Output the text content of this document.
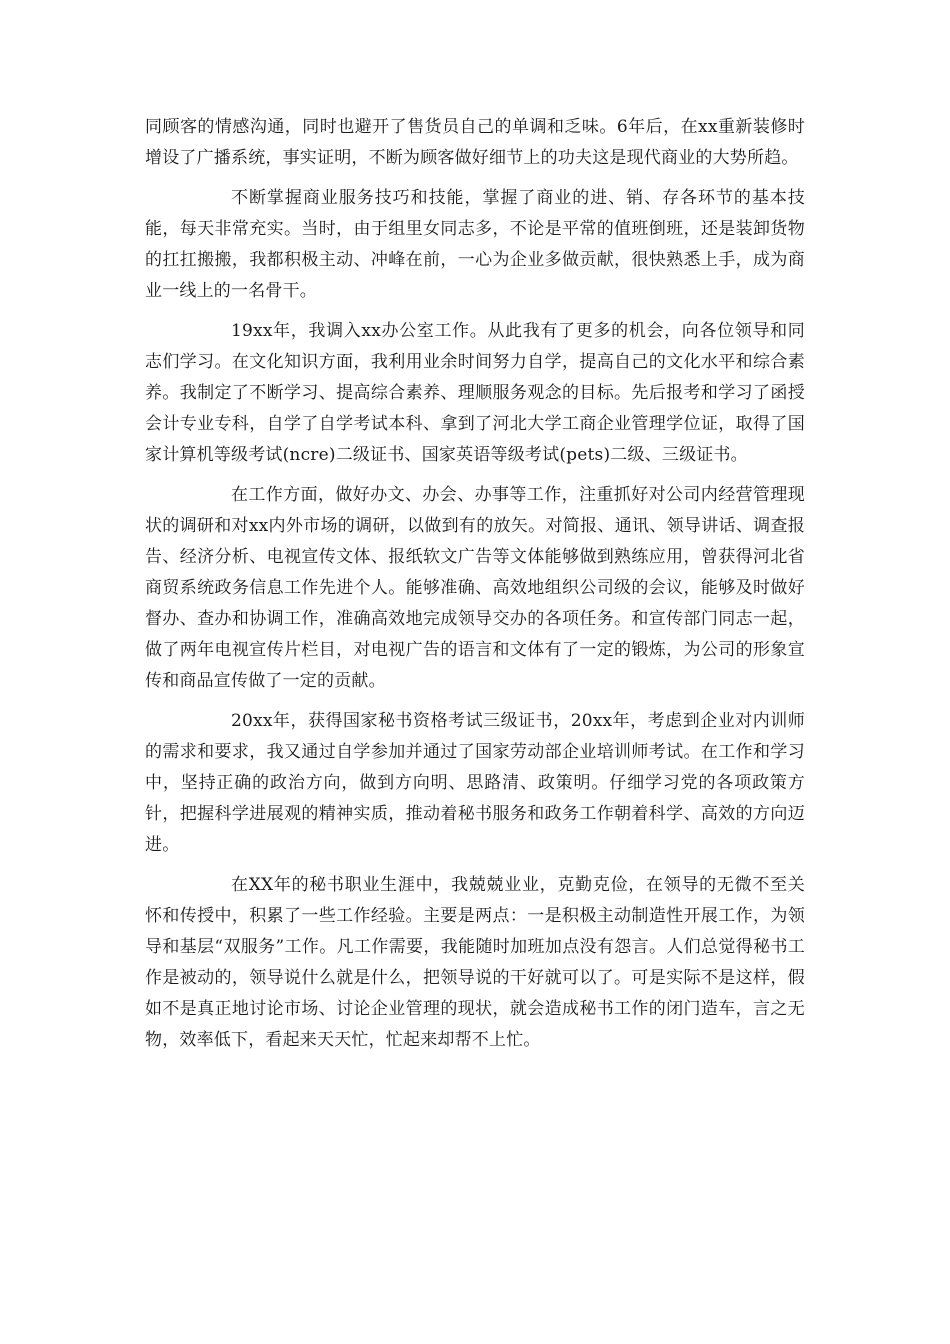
同顾客的情感沟通，同时也避开了售货员自己的单调和乏味。6年后，在xx重新装修时增设了广播系统，事实证明，不断为顾客做好细节上的功夫这是现代商业的大势所趋。

不断掌握商业服务技巧和技能，掌握了商业的进、销、存各环节的基本技能，每天非常充实。当时，由于组里女同志多，不论是平常的值班倒班，还是装卸货物的扛扛搬搬，我都积极主动、冲峰在前，一心为企业多做贡献，很快熟悉上手，成为商业一线上的一名骨干。

19xx年，我调入xx办公室工作。从此我有了更多的机会，向各位领导和同志们学习。在文化知识方面，我利用业余时间努力自学，提高自己的文化水平和综合素养。我制定了不断学习、提高综合素养、理顺服务观念的目标。先后报考和学习了函授会计专业专科，自学了自学考试本科、拿到了河北大学工商企业管理学位证，取得了国家计算机等级考试(ncre)二级证书、国家英语等级考试(pets)二级、三级证书。

在工作方面，做好办文、办会、办事等工作，注重抓好对公司内经营管理现状的调研和对xx内外市场的调研，以做到有的放矢。对简报、通讯、领导讲话、调查报告、经济分析、电视宣传文体、报纸软文广告等文体能够做到熟练应用，曾获得河北省商贸系统政务信息工作先进个人。能够准确、高效地组织公司级的会议，能够及时做好督办、查办和协调工作，准确高效地完成领导交办的各项任务。和宣传部门同志一起，做了两年电视宣传片栏目，对电视广告的语言和文体有了一定的锻炼，为公司的形象宣传和商品宣传做了一定的贡献。

20xx年，获得国家秘书资格考试三级证书，20xx年，考虑到企业对内训师的需求和要求，我又通过自学参加并通过了国家劳动部企业培训师考试。在工作和学习中，坚持正确的政治方向，做到方向明、思路清、政策明。仔细学习党的各项政策方针，把握科学进展观的精神实质，推动着秘书服务和政务工作朝着科学、高效的方向迈进。

在XX年的秘书职业生涯中，我兢兢业业，克勤克俭，在领导的无微不至关怀和传授中，积累了一些工作经验。主要是两点：一是积极主动制造性开展工作，为领导和基层“双服务”工作。凡工作需要，我能随时加班加点没有怨言。人们总觉得秘书工作是被动的，领导说什么就是什么，把领导说的干好就可以了。可是实际不是这样，假如不是真正地讨论市场、讨论企业管理的现状，就会造成秘书工作的闭门造车，言之无物，效率低下，看起来天天忙，忙起来却帮不上忙。
